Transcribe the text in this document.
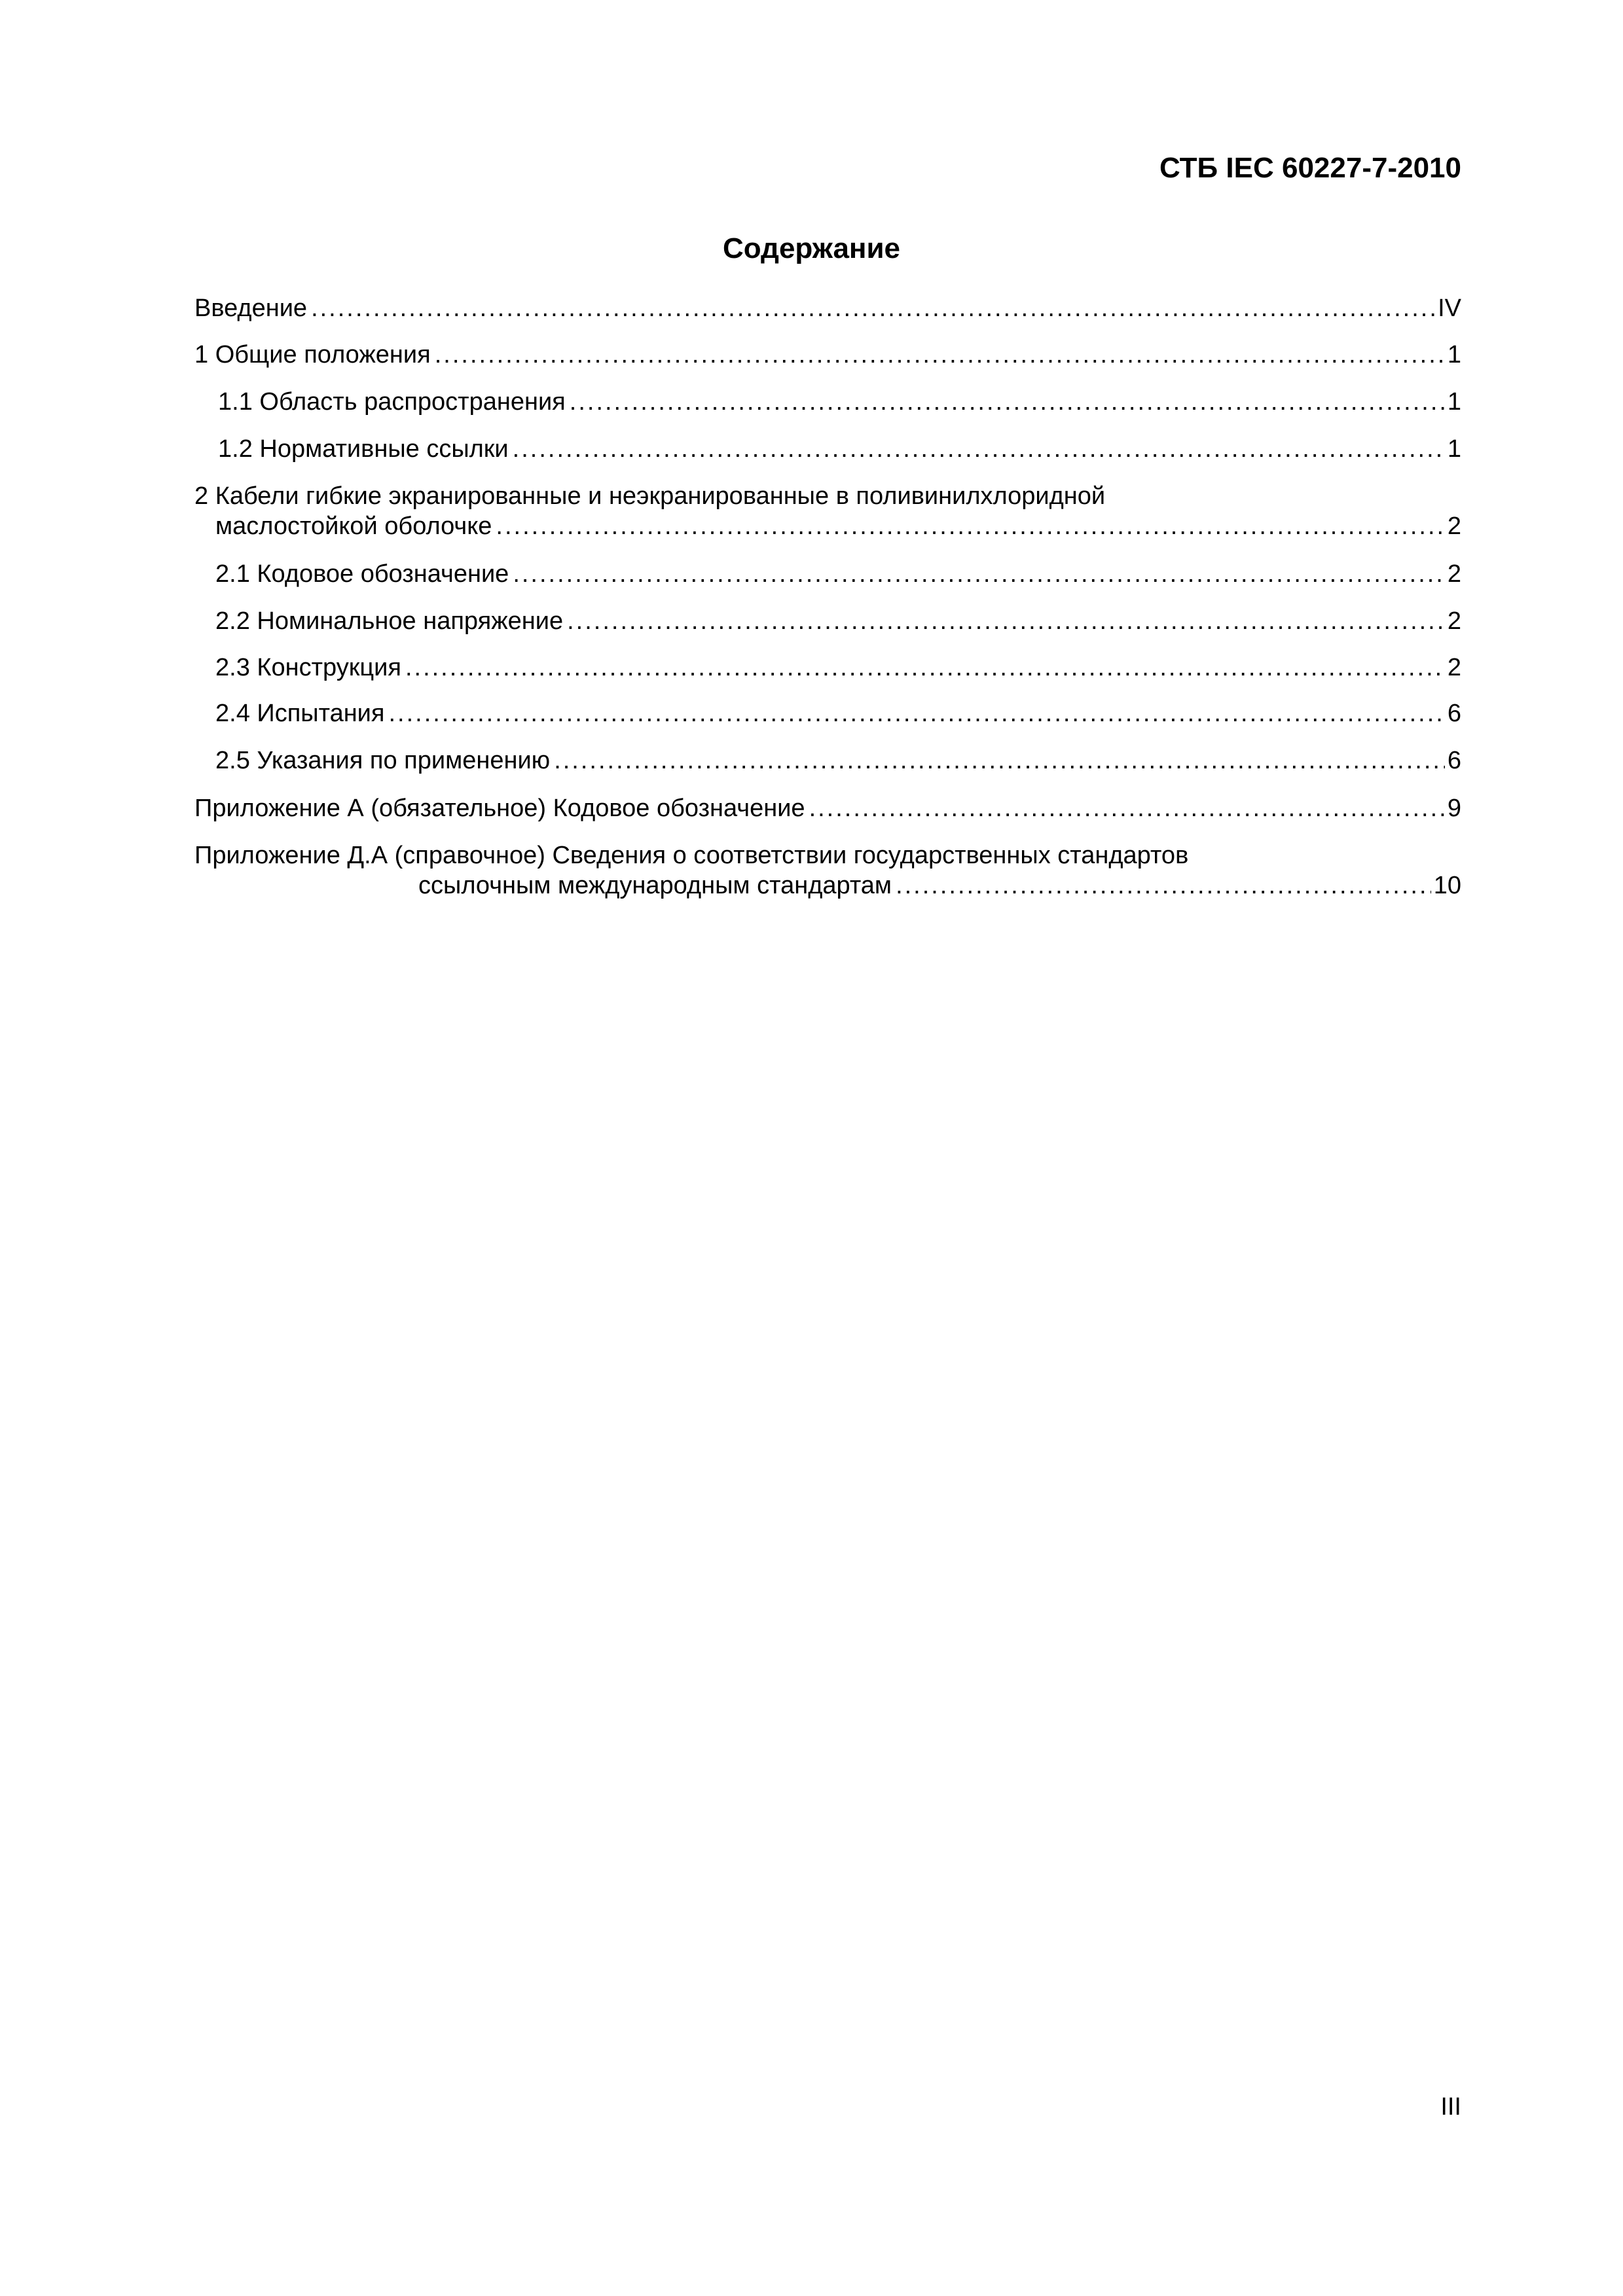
СТБ IEC 60227-7-2010
Содержание
Введение .....	IV
1 Общие положения .....	1
1.1 Область распространения .....	1
1.2 Нормативные ссылки .....	1
2 Кабели гибкие экранированные и неэкранированные в поливинилхлоридной
маслостойкой оболочке .....	2
2.1 Кодовое обозначение .....	2
2.2 Номинальное напряжение .....	2
2.3 Конструкция .....	2
2.4 Испытания .....	6
2.5 Указания по применению .....	6
Приложение А (обязательное) Кодовое обозначение .....	9
Приложение Д.А (справочное) Сведения о соответствии государственных стандартов
ссылочным международным стандартам .....	10
III
